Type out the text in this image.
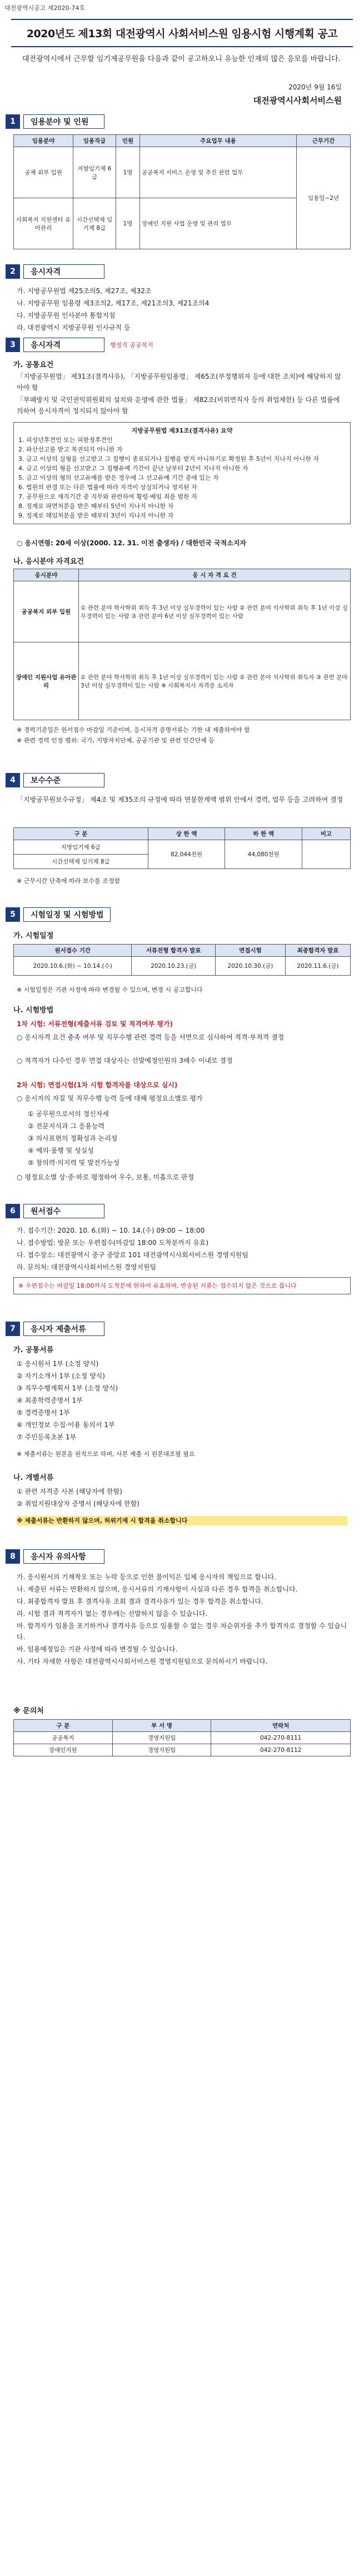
대전광역시공고 제2020-74호
2020년도 제13회 대전광역시 사회서비스원 임용시험 시행계획 공고
대전광역시에서 근무할 임기제공무원을 다음과 같이 공고하오니 유능한 인재의 많은 응모를 바랍니다.
2020년 9월 16일
대전광역시사회서비스원
1	임용분야 및 인원
임용분야	임용직급	인원	주요업무 내용	근무기간
공채 외부 입원	지방임기제 6급	1명	공공복지 서비스 운영 및 추진 관련 업무	임용일~2년
사회복지 지원센터 유아관리	시간선택제 임기제 8급	1명	장애인 지원 사업 운영 및 관리 업무	
2	응시자격
가. 지방공무원법 제25조의5, 제27조, 제32조
나. 지방공무원 임용령 제3조의2, 제17조, 제21조의3, 제21조의4
다. 지방공무원 인사분야 통합지침
라. 대전광역시 지방공무원 인사규칙 등
3	응시자격	행정직 공공복지
가. 공통요건
「지방공무원법」 제31조(결격사유), 「지방공무원임용령」 제65조(부정행위자 등에 대한 조치)에 해당하지 않아야 함
「부패방지 및 국민권익위원회의 설치와 운영에 관한 법률」 제82조(비위면직자 등의 취업제한) 등 다른 법률에 의하여 응시자격이 정지되지 않아야 함
지방공무원법 제31조(결격사유) 요약
1. 피성년후견인 또는 피한정후견인
2. 파산선고를 받고 복권되지 아니한 자
3. 금고 이상의 실형을 선고받고 그 집행이 종료되거나 집행을 받지 아니하기로 확정된 후 5년이 지나지 아니한 자
4. 금고 이상의 형을 선고받고 그 집행유예 기간이 끝난 날부터 2년이 지나지 아니한 자
5. 금고 이상의 형의 선고유예를 받은 경우에 그 선고유예 기간 중에 있는 자
6. 법원의 판결 또는 다른 법률에 따라 자격이 상실되거나 정지된 자
7. 공무원으로 재직기간 중 직무와 관련하여 횡령·배임 죄를 범한 자
8. 징계로 파면처분을 받은 때부터 5년이 지나지 아니한 자
9. 징계로 해임처분을 받은 때부터 3년이 지나지 아니한 자
○ 응시연령: 20세 이상(2000. 12. 31. 이전 출생자) / 대한민국 국적소지자
나. 응시분야 자격요건
응시분야	응 시 자 격 요 건
공공복지 외부 입원	① 관련 분야 학사학위 취득 후 3년 이상 실무경력이 있는 사람 ② 관련 분야 석사학위 취득 후 1년 이상 실무경력이 있는 사람 ③ 관련 분야 6년 이상 실무경력이 있는 사람
장애인 지원사업 유아관리	① 관련 분야 학사학위 취득 후 1년 이상 실무경력이 있는 사람 ② 관련 분야 석사학위 취득자 ③ 관련 분야 3년 이상 실무경력이 있는 사람 ※ 사회복지사 자격증 소지자
※ 경력기준일은 원서접수 마감일 기준이며, 응시자격 증명서류는 기한 내 제출하여야 함
※ 관련 경력 인정 범위: 국가, 지방자치단체, 공공기관 및 관련 민간단체 등
4	보수수준
「지방공무원보수규정」 제4조 및 제35조의 규정에 따라 연봉한계액 범위 안에서 경력, 업무 등을 고려하여 결정
구 분	상 한 액	하 한 액	비고
지방임기제 6급	82,044천원	44,080천원	
시간선택제 임기제 8급			
※ 근무시간 단축에 따라 보수를 조정함
5	시험일정 및 시험방법
가. 시험일정
원서접수 기간	서류전형 합격자 발표	면접시험	최종합격자 발표
2020.10.6.(화) ~ 10.14.(수)	2020.10.23.(금)	2020.10.30.(금)	2020.11.6.(금)
※ 시험일정은 기관 사정에 따라 변경될 수 있으며, 변경 시 공고합니다
나. 시험방법
1차 시험: 서류전형(제출서류 검토 및 적격여부 평가)
○ 응시자격 요건 충족 여부 및 직무수행 관련 경력 등을 서면으로 심사하여 적격·부적격 결정
○ 적격자가 다수인 경우 면접 대상자는 선발예정인원의 3배수 이내로 결정
2차 시험: 면접시험(1차 시험 합격자를 대상으로 실시)
○ 응시자의 자질 및 직무수행 능력 등에 대해 평정요소별로 평가
① 공무원으로서의 정신자세
② 전문지식과 그 응용능력
③ 의사표현의 정확성과 논리성
④ 예의·품행 및 성실성
⑤ 창의력·의지력 및 발전가능성
○ 평정요소별 상·중·하로 평정하여 우수, 보통, 미흡으로 판정
6	원서접수
가. 접수기간: 2020. 10. 6.(화) ~ 10. 14.(수) 09:00 ~ 18:00
나. 접수방법: 방문 또는 우편접수(마감일 18:00 도착분까지 유효)
다. 접수장소: 대전광역시 중구 중앙로 101 대전광역시사회서비스원 경영지원팀
라. 문의처: 대전광역시사회서비스원 경영지원팀
※ 우편접수는 마감일 18:00까지 도착분에 한하여 유효하며, 반송된 서류는 접수되지 않은 것으로 봅니다
7	응시자 제출서류
가. 공통서류
① 응시원서 1부 (소정 양식)
② 자기소개서 1부 (소정 양식)
③ 직무수행계획서 1부 (소정 양식)
④ 최종학력증명서 1부
⑤ 경력증명서 1부
⑥ 개인정보 수집·이용 동의서 1부
⑦ 주민등록초본 1부
※ 제출서류는 원본을 원칙으로 하며, 사본 제출 시 원본대조필 필요
나. 개별서류
① 관련 자격증 사본 (해당자에 한함)
② 취업지원대상자 증명서 (해당자에 한함)
※ 제출서류는 반환하지 않으며, 허위기재 시 합격을 취소합니다
8	응시자 유의사항
가. 응시원서의 기재착오 또는 누락 등으로 인한 불이익은 일체 응시자의 책임으로 합니다.
나. 제출된 서류는 반환하지 않으며, 응시서류의 기재사항이 사실과 다른 경우 합격을 취소합니다.
다. 최종합격자 발표 후 결격사유 조회 결과 결격사유가 있는 경우 합격을 취소합니다.
라. 시험 결과 적격자가 없는 경우에는 선발하지 않을 수 있습니다.
마. 합격자가 임용을 포기하거나 결격사유 등으로 임용할 수 없는 경우 차순위자를 추가 합격자로 결정할 수 있습니다.
바. 임용예정일은 기관 사정에 따라 변경될 수 있습니다.
사. 기타 자세한 사항은 대전광역시사회서비스원 경영지원팀으로 문의하시기 바랍니다.
※ 문의처
구 분	부 서 명	연락처
공공복지	경영지원팀	042-270-8111
장애인지원	경영지원팀	042-270-8112
